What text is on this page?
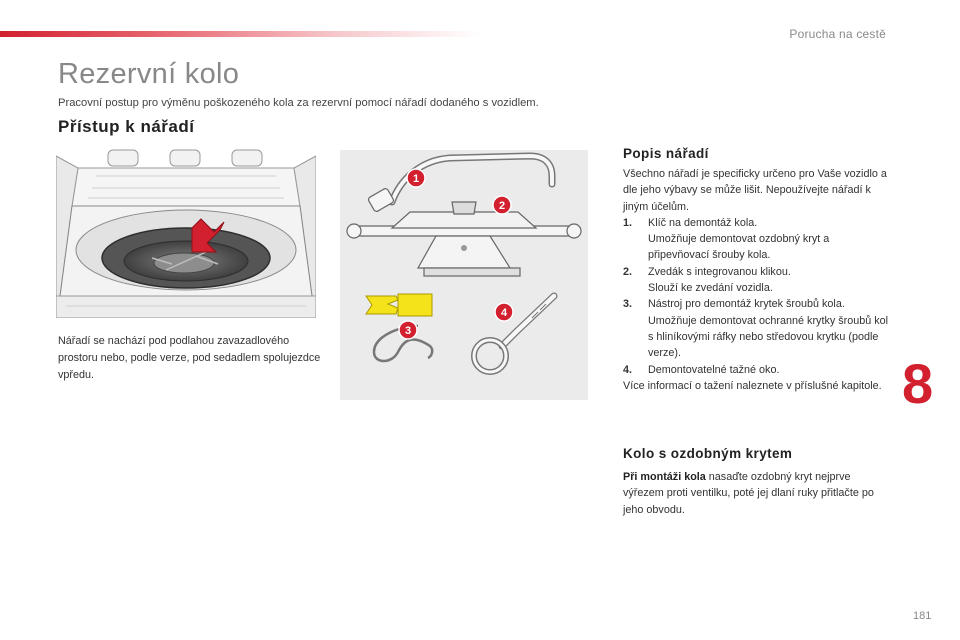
Porucha na cestě
Rezervní kolo

Pracovní postup pro výměnu poškozeného kola za rezervní pomocí nářadí dodaného s vozidlem.

Přístup k nářadí

Nářadí se nachází pod podlahou zavazadlového prostoru nebo, podle verze, pod sedadlem spolujezdce vpředu.

1
2
3
4
Popis nářadí

Všechno nářadí je specificky určeno pro Vaše vozidlo a dle jeho výbavy se může lišit. Nepoužívejte nářadí k jiným účelům.

1.	Klíč na demontáž kola.
Umožňuje demontovat ozdobný kryt a připevňovací šrouby kola.
2.	Zvedák s integrovanou klikou.
Slouží ke zvedání vozidla.
3.	Nástroj pro demontáž krytek šroubů kola.
Umožňuje demontovat ochranné krytky šroubů kol s hliníkovými ráfky nebo středovou krytku (podle verze).
4.	Demontovatelné tažné oko.

Více informací o tažení naleznete v příslušné kapitole.

Kolo s ozdobným krytem

Při montáži kola nasaďte ozdobný kryt nejprve výřezem proti ventilku, poté jej dlaní ruky přitlačte po jeho obvodu.

8
181
